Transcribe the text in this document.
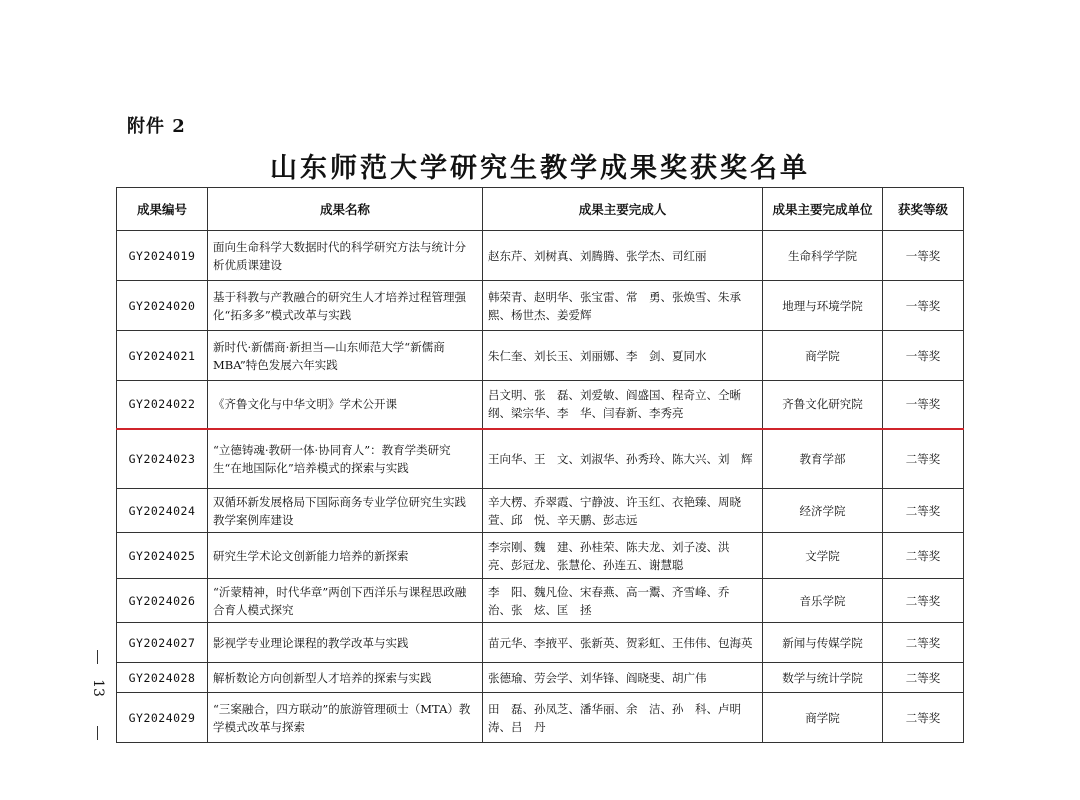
附件 2
山东师范大学研究生教学成果奖获奖名单
成果编号	成果名称	成果主要完成人	成果主要完成单位	获奖等级
GY2024019	面向生命科学大数据时代的科学研究方法与统计分析优质课建设	赵东芹、刘树真、刘腾腾、张学杰、司红丽	生命科学学院	一等奖
GY2024020	基于科教与产教融合的研究生人才培养过程管理强化“拓多多”模式改革与实践	韩荣青、赵明华、张宝雷、常　勇、张焕雪、朱承熙、杨世杰、姜爱辉	地理与环境学院	一等奖
GY2024021	新时代·新儒商·新担当—山东师范大学“新儒商MBA”特色发展六年实践	朱仁奎、刘长玉、刘丽娜、李　剑、夏同水	商学院	一等奖
GY2024022	《齐鲁文化与中华文明》学术公开课	吕文明、张　磊、刘爱敏、阎盛国、程奇立、仝晰纲、梁宗华、李　华、闫春新、李秀亮	齐鲁文化研究院	一等奖
GY2024023	“立德铸魂·教研一体·协同育人”：教育学类研究生“在地国际化”培养模式的探索与实践	王向华、王　文、刘淑华、孙秀玲、陈大兴、刘　辉	教育学部	二等奖
GY2024024	双循环新发展格局下国际商务专业学位研究生实践教学案例库建设	辛大楞、乔翠霞、宁静波、许玉红、衣艳臻、周晓萱、邱　悦、辛天鹏、彭志远	经济学院	二等奖
GY2024025	研究生学术论文创新能力培养的新探索	李宗刚、魏　建、孙桂荣、陈夫龙、刘子凌、洪　亮、彭冠龙、张慧伦、孙连五、谢慧聪	文学院	二等奖
GY2024026	“沂蒙精神，时代华章”两创下西洋乐与课程思政融合育人模式探究	李　阳、魏凡俭、宋春燕、高一鬻、齐雪峰、乔　治、张　炫、匡　拯	音乐学院	二等奖
GY2024027	影视学专业理论课程的教学改革与实践	苗元华、李掖平、张新英、贺彩虹、王伟伟、包海英	新闻与传媒学院	二等奖
GY2024028	解析数论方向创新型人才培养的探索与实践	张德瑜、劳会学、刘华锋、阎晓斐、胡广伟	数学与统计学院	二等奖
GY2024029	“三案融合，四方联动”的旅游管理硕士（MTA）教学模式改革与探索	田　磊、孙凤芝、潘华丽、余　洁、孙　科、卢明涛、吕　丹	商学院	二等奖
13
